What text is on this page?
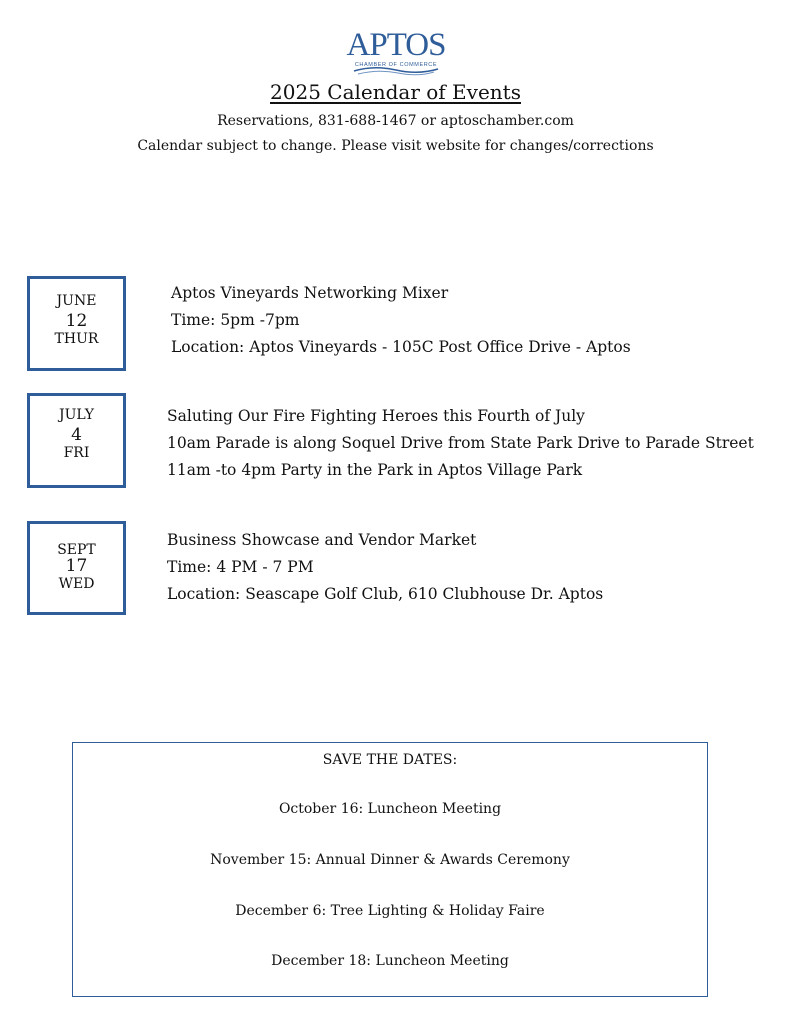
APTOS
CHAMBER OF COMMERCE
2025 Calendar of Events
Reservations, 831-688-1467 or aptoschamber.com
Calendar subject to change. Please visit website for changes/corrections
JUNE
12
THUR
Aptos Vineyards Networking Mixer
Time: 5pm -7pm
Location: Aptos Vineyards - 105C Post Office Drive - Aptos
JULY
4
FRI
Saluting Our Fire Fighting Heroes this Fourth of July
10am Parade is along Soquel Drive from State Park Drive to Parade Street
11am -to 4pm Party in the Park in Aptos Village Park
SEPT
17
WED
Business Showcase and Vendor Market
Time: 4 PM - 7 PM
Location: Seascape Golf Club, 610 Clubhouse Dr. Aptos
SAVE THE DATES:
October 16: Luncheon Meeting
November 15: Annual Dinner & Awards Ceremony
December 6: Tree Lighting & Holiday Faire
December 18: Luncheon Meeting
